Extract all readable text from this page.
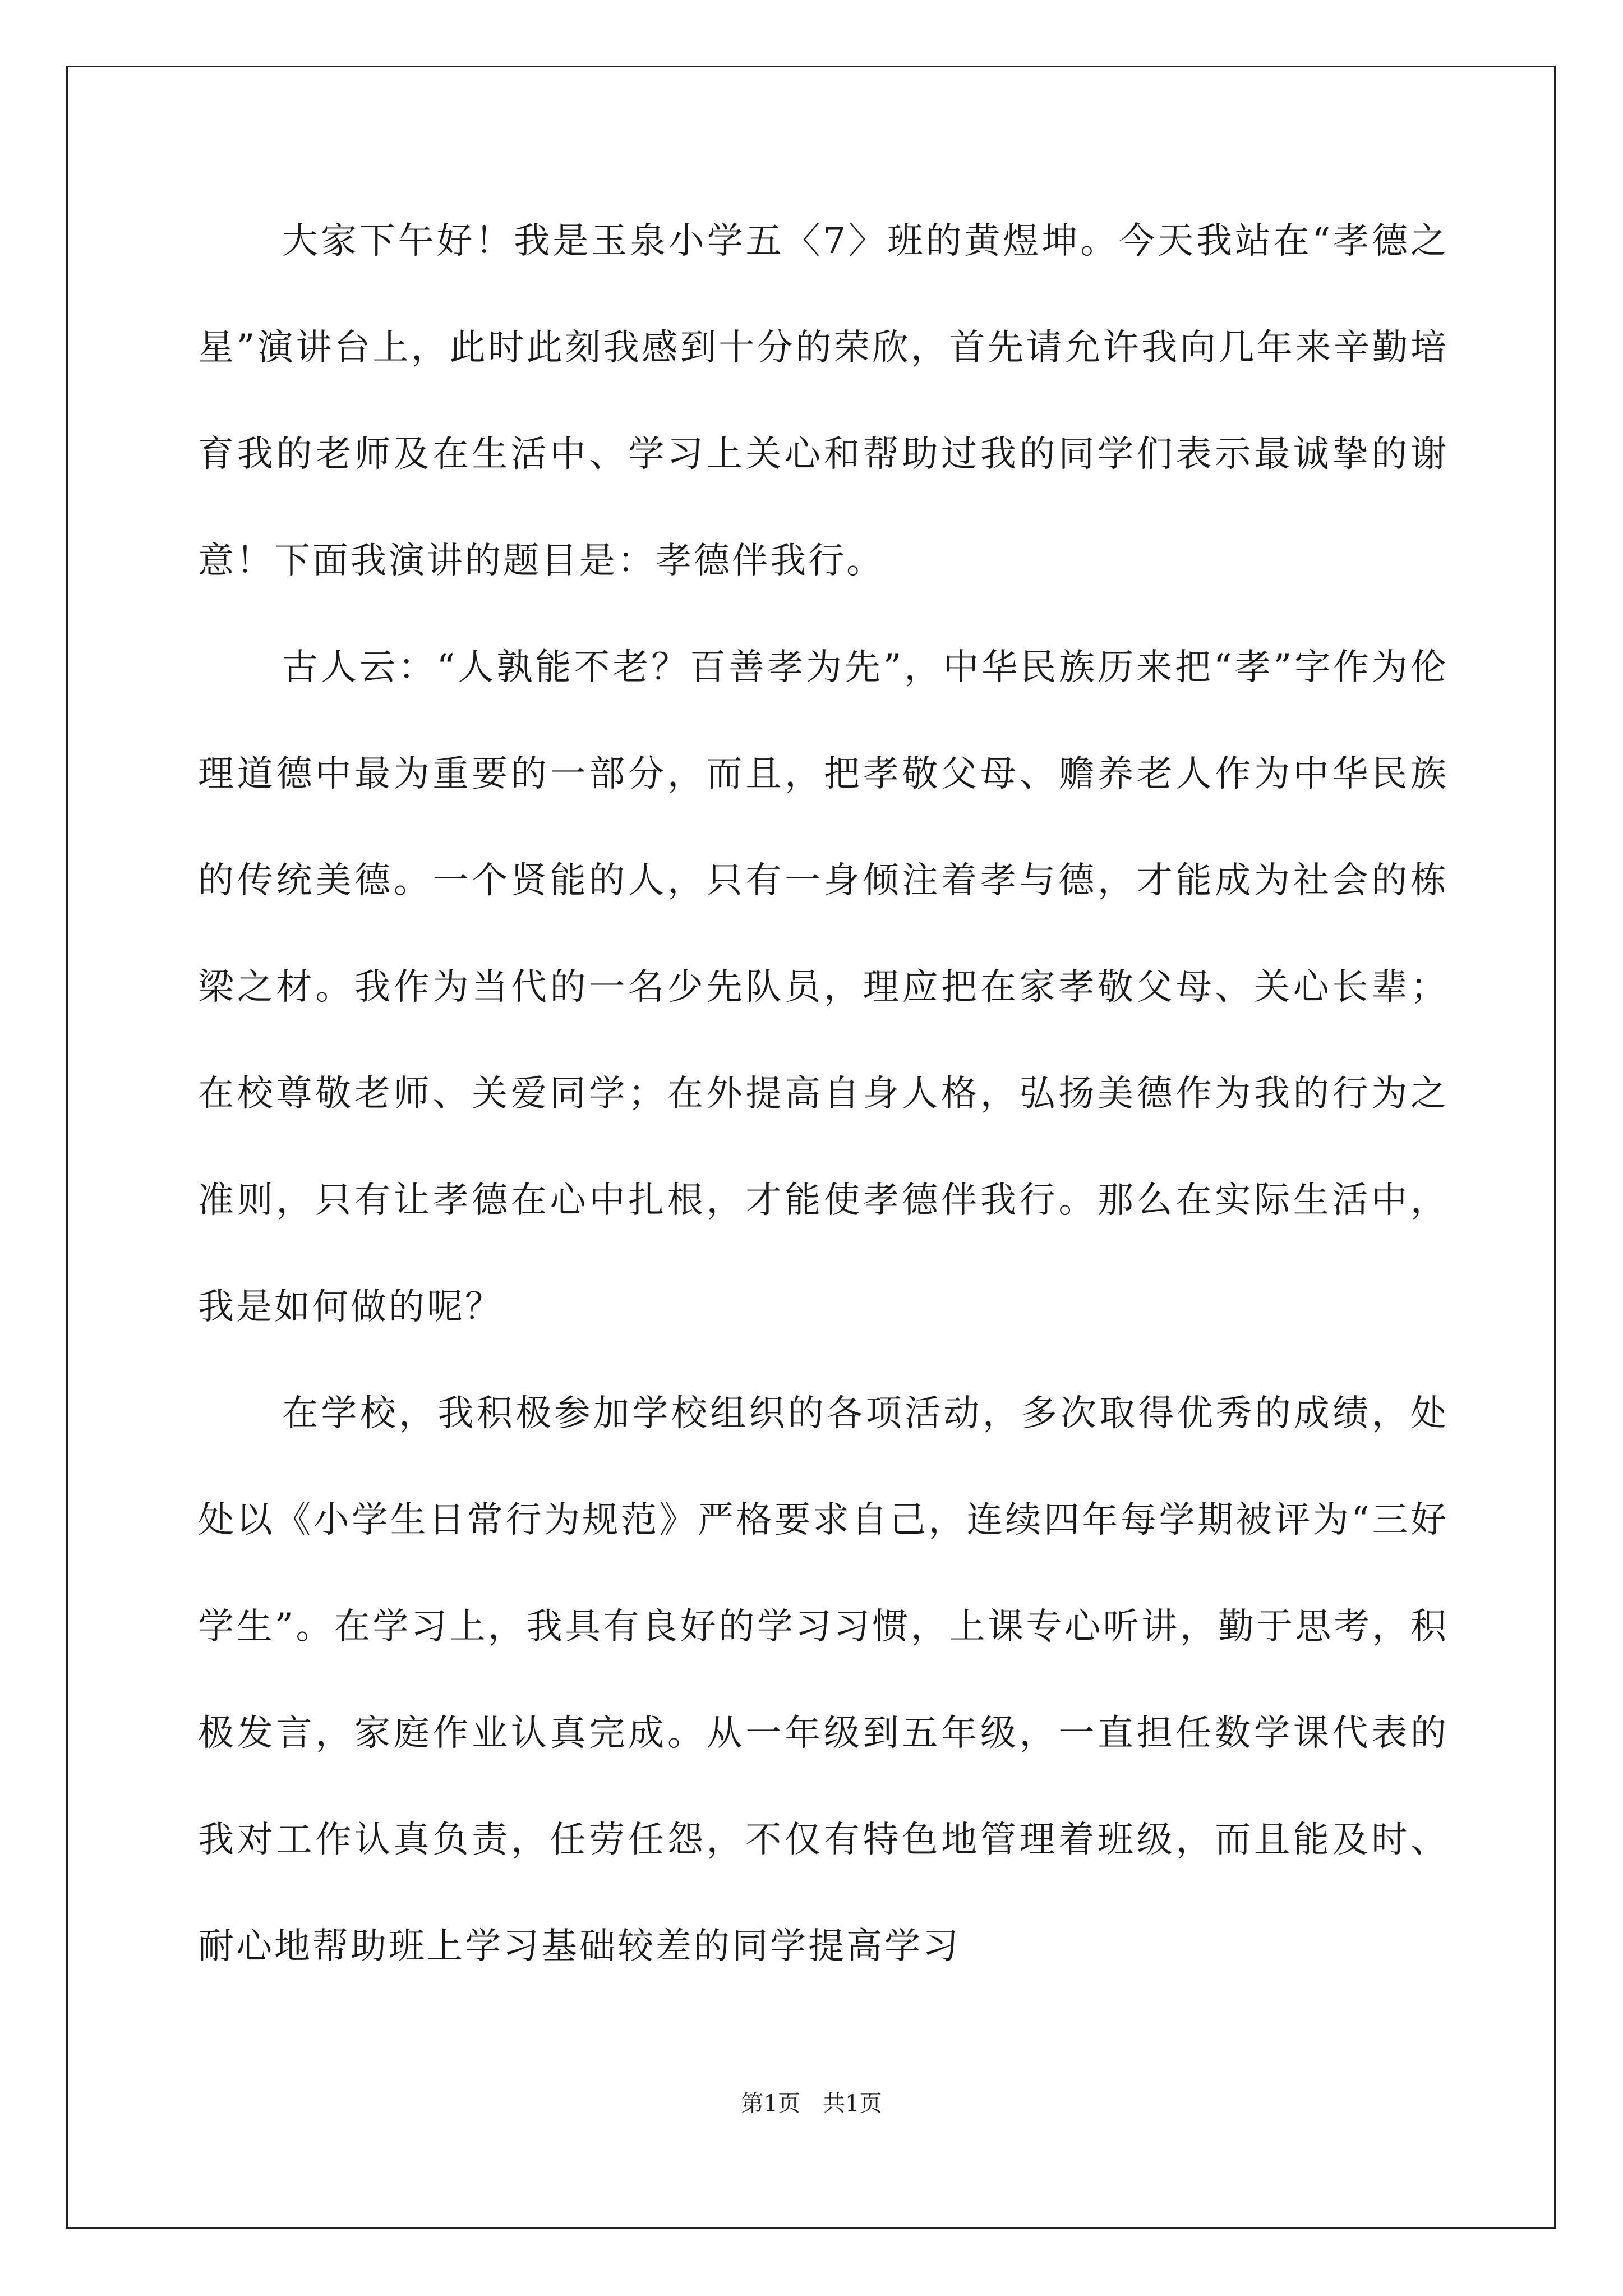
大家下午好！我是玉泉小学五〈7〉班的黄煜坤。今天我站在“孝德之星”演讲台上，此时此刻我感到十分的荣欣，首先请允许我向几年来辛勤培育我的老师及在生活中、学习上关心和帮助过我的同学们表示最诚挚的谢意！下面我演讲的题目是：孝德伴我行。

古人云：“人孰能不老？百善孝为先”，中华民族历来把“孝”字作为伦理道德中最为重要的一部分，而且，把孝敬父母、赡养老人作为中华民族的传统美德。一个贤能的人，只有一身倾注着孝与德，才能成为社会的栋梁之材。我作为当代的一名少先队员，理应把在家孝敬父母、关心长辈；在校尊敬老师、关爱同学；在外提高自身人格，弘扬美德作为我的行为之准则，只有让孝德在心中扎根，才能使孝德伴我行。那么在实际生活中，我是如何做的呢？

在学校，我积极参加学校组织的各项活动，多次取得优秀的成绩，处处以《小学生日常行为规范》严格要求自己，连续四年每学期被评为“三好学生”。在学习上，我具有良好的学习习惯，上课专心听讲，勤于思考，积极发言，家庭作业认真完成。从一年级到五年级，一直担任数学课代表的我对工作认真负责，任劳任怨，不仅有特色地管理着班级，而且能及时、耐心地帮助班上学习基础较差的同学提高学习

第1页 共1页
